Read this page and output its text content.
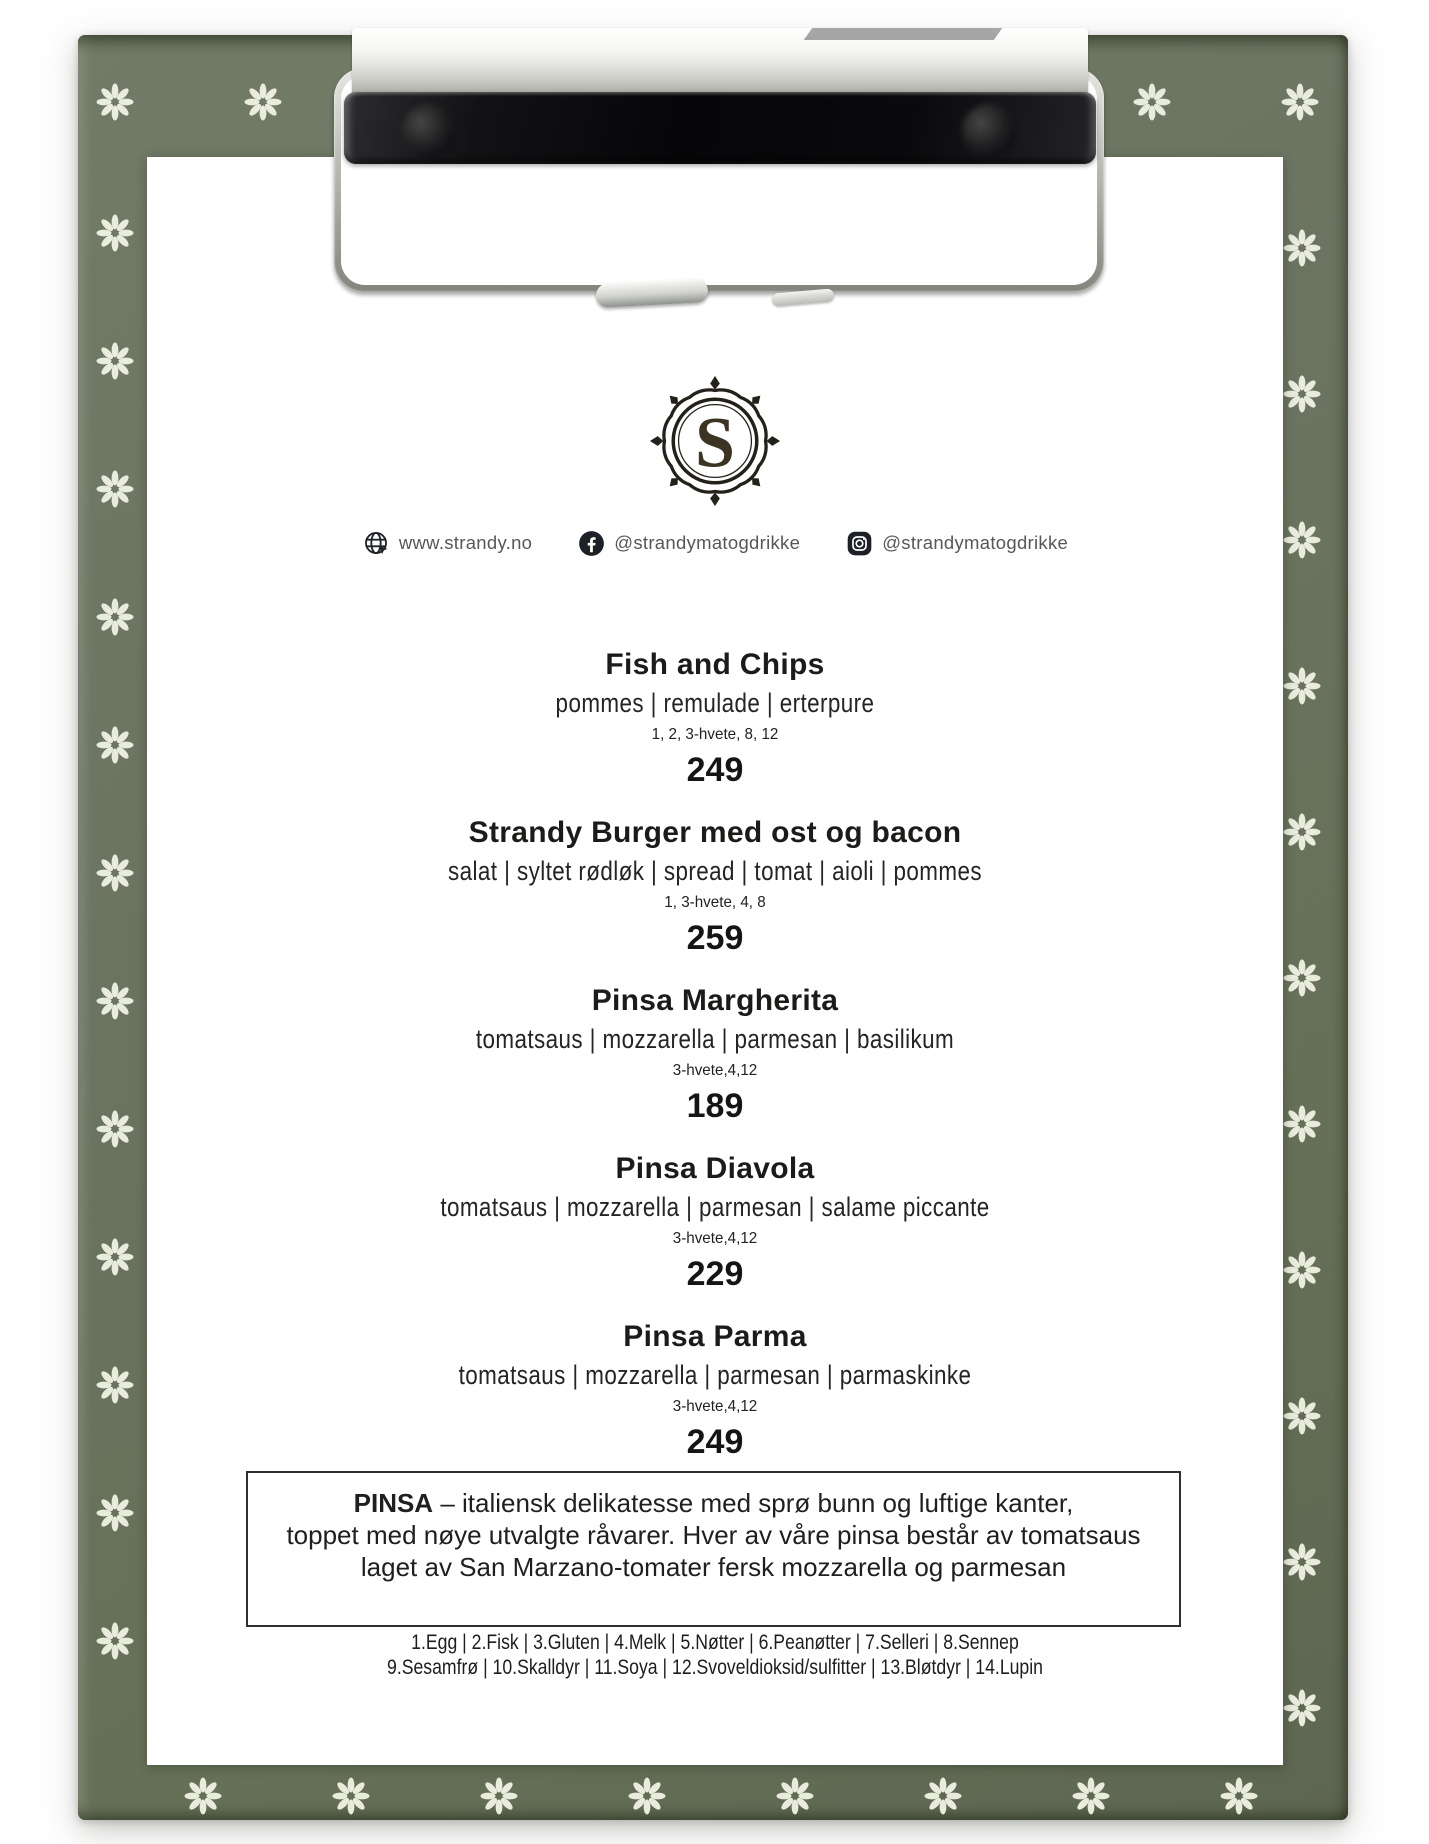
S
www.strandy.no	@strandymatogdrikke	@strandymatogdrikke
Fish and Chips
pommes | remulade | erterpure
1, 2, 3-hvete, 8, 12
249
Strandy Burger med ost og bacon
salat | syltet rødløk | spread | tomat | aioli | pommes
1, 3-hvete, 4, 8
259
Pinsa Margherita
tomatsaus | mozzarella | parmesan | basilikum
3-hvete,4,12
189
Pinsa Diavola
tomatsaus | mozzarella | parmesan | salame piccante
3-hvete,4,12
229
Pinsa Parma
tomatsaus | mozzarella | parmesan | parmaskinke
3-hvete,4,12
249
PINSA – italiensk delikatesse med sprø bunn og luftige kanter,
toppet med nøye utvalgte råvarer. Hver av våre pinsa består av tomatsaus
laget av San Marzano-tomater fersk mozzarella og parmesan
1.Egg | 2.Fisk | 3.Gluten | 4.Melk | 5.Nøtter | 6.Peanøtter | 7.Selleri | 8.Sennep
9.Sesamfrø | 10.Skalldyr | 11.Soya | 12.Svoveldioksid/sulfitter | 13.Bløtdyr | 14.Lupin
